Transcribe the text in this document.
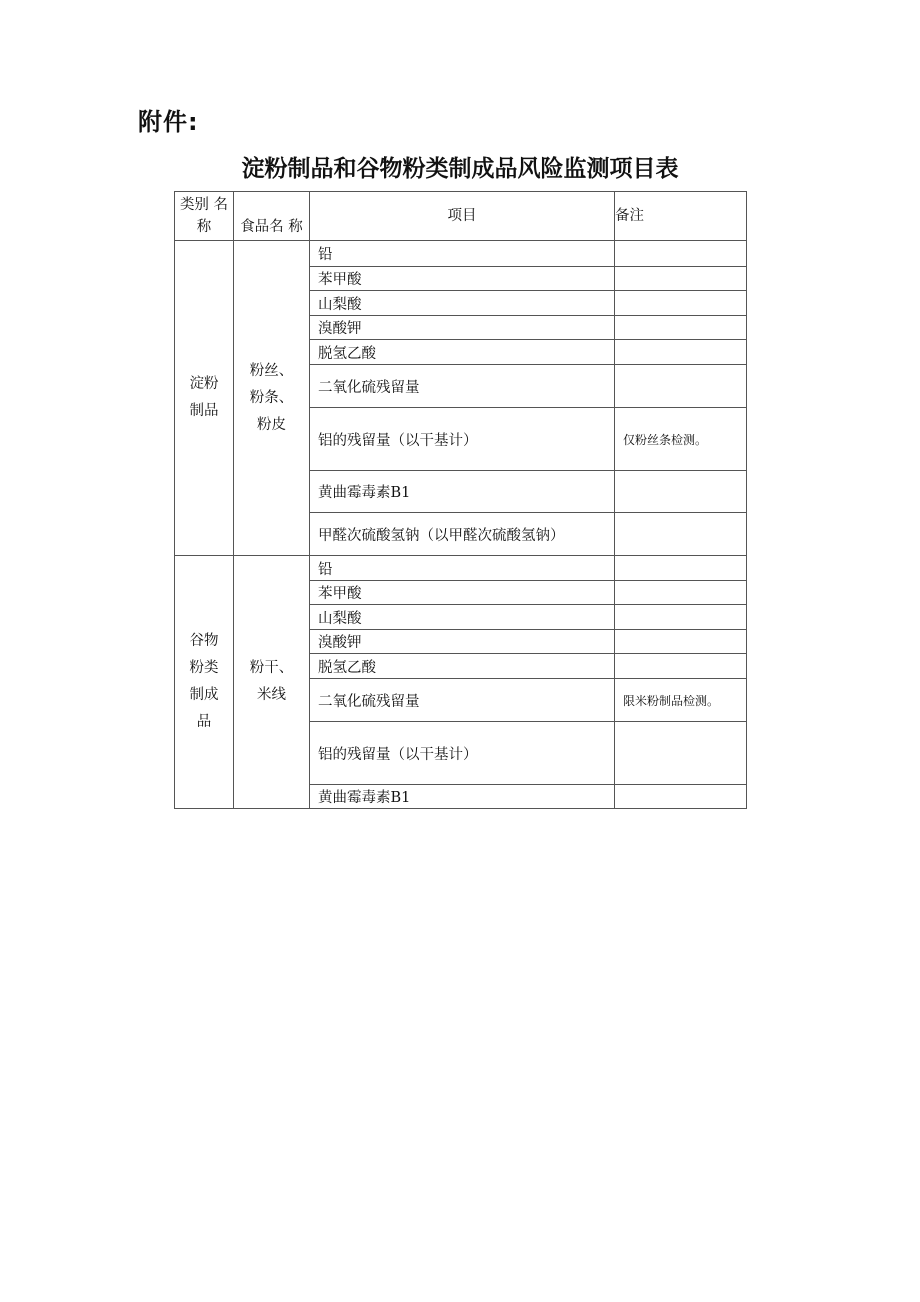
附件:
淀粉制品和谷物粉类制成品风险监测项目表
类别 名
称	食品名 称	项目	备注

淀粉
制品	粉丝、
粉条、
粉皮	铅	
		苯甲酸	
		山梨酸	
		溴酸钾	
		脱氢乙酸	
		二氧化硫残留量	
		铝的残留量（以干基计）	仅粉丝条检测。
		黄曲霉毒素B1	
		甲醛次硫酸氢钠（以甲醛次硫酸氢钠）	

谷物
粉类
制成
品	粉干、
米线	铅	
		苯甲酸	
		山梨酸	
		溴酸钾	
		脱氢乙酸	
		二氧化硫残留量	限米粉制品检测。
		铝的残留量（以干基计）	
		黄曲霉毒素B1	
